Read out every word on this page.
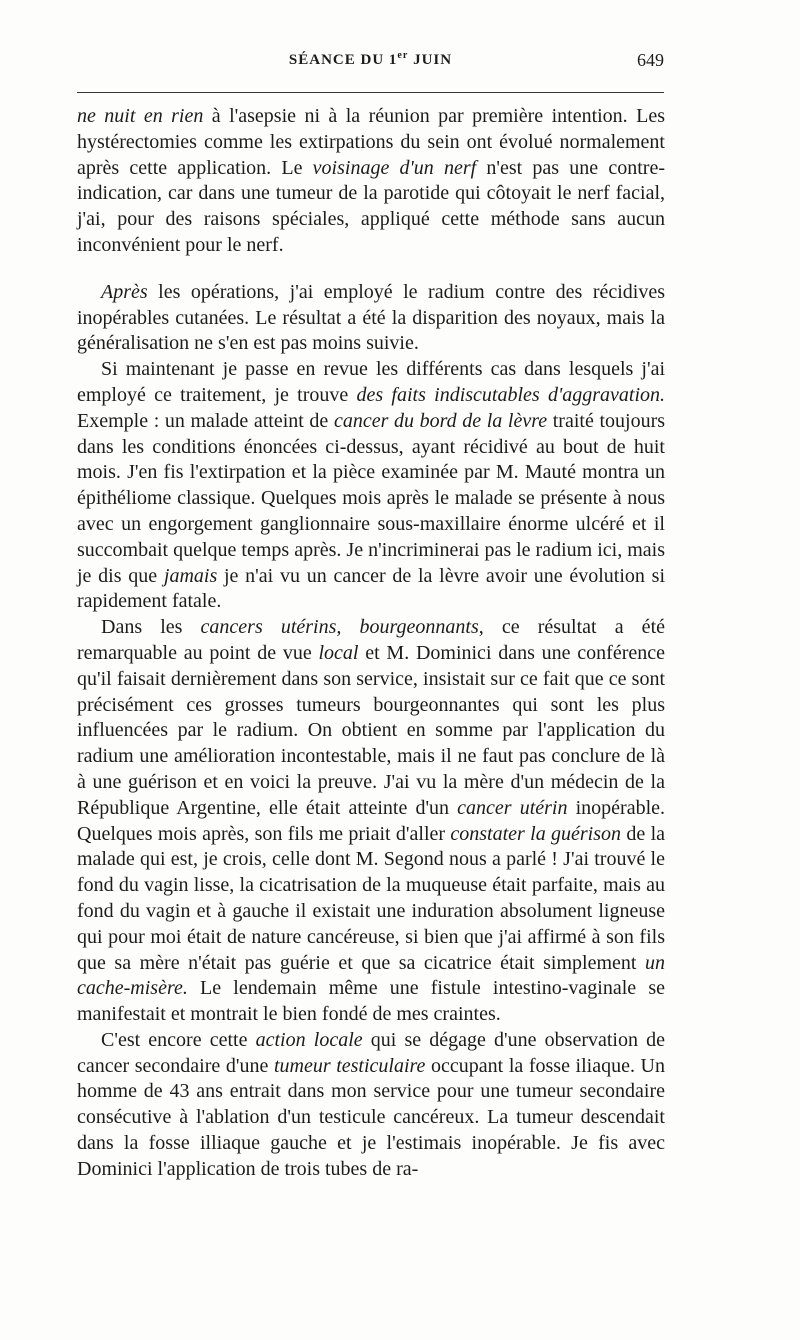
SÉANCE DU 1er JUIN	649

ne nuit en rien à l'asepsie ni à la réunion par première intention. Les hystérectomies comme les extirpations du sein ont évolué normalement après cette application. Le voisinage d'un nerf n'est pas une contre-indication, car dans une tumeur de la parotide qui côtoyait le nerf facial, j'ai, pour des raisons spéciales, appliqué cette méthode sans aucun inconvénient pour le nerf.

Après les opérations, j'ai employé le radium contre des récidives inopérables cutanées. Le résultat a été la disparition des noyaux, mais la généralisation ne s'en est pas moins suivie.

Si maintenant je passe en revue les différents cas dans lesquels j'ai employé ce traitement, je trouve des faits indiscutables d'aggravation. Exemple : un malade atteint de cancer du bord de la lèvre traité toujours dans les conditions énoncées ci-dessus, ayant récidivé au bout de huit mois. J'en fis l'extirpation et la pièce examinée par M. Mauté montra un épithéliome classique. Quelques mois après le malade se présente à nous avec un engorgement ganglionnaire sous-maxillaire énorme ulcéré et il succombait quelque temps après. Je n'incriminerai pas le radium ici, mais je dis que jamais je n'ai vu un cancer de la lèvre avoir une évolution si rapidement fatale.

Dans les cancers utérins, bourgeonnants, ce résultat a été remarquable au point de vue local et M. Dominici dans une conférence qu'il faisait dernièrement dans son service, insistait sur ce fait que ce sont précisément ces grosses tumeurs bourgeonnantes qui sont les plus influencées par le radium. On obtient en somme par l'application du radium une amélioration incontestable, mais il ne faut pas conclure de là à une guérison et en voici la preuve. J'ai vu la mère d'un médecin de la République Argentine, elle était atteinte d'un cancer utérin inopérable. Quelques mois après, son fils me priait d'aller constater la guérison de la malade qui est, je crois, celle dont M. Segond nous a parlé ! J'ai trouvé le fond du vagin lisse, la cicatrisation de la muqueuse était parfaite, mais au fond du vagin et à gauche il existait une induration absolument ligneuse qui pour moi était de nature cancéreuse, si bien que j'ai affirmé à son fils que sa mère n'était pas guérie et que sa cicatrice était simplement un cache-misère. Le lendemain même une fistule intestino-vaginale se manifestait et montrait le bien fondé de mes craintes.

C'est encore cette action locale qui se dégage d'une observation de cancer secondaire d'une tumeur testiculaire occupant la fosse iliaque. Un homme de 43 ans entrait dans mon service pour une tumeur secondaire consécutive à l'ablation d'un testicule cancéreux. La tumeur descendait dans la fosse illiaque gauche et je l'estimais inopérable. Je fis avec Dominici l'application de trois tubes de ra-
